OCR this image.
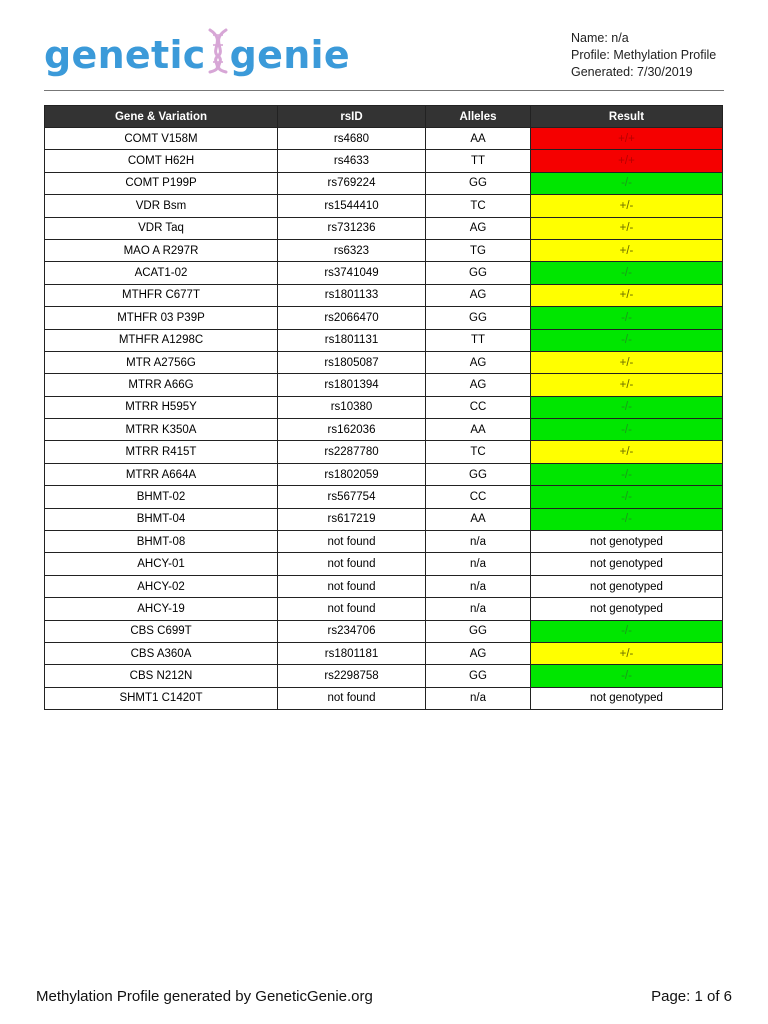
genetic genie	Name: n/a
Profile: Methylation Profile
Generated: 7/30/2019
Gene & Variation	rsID	Alleles	Result
COMT V158M	rs4680	AA	+/+
COMT H62H	rs4633	TT	+/+
COMT P199P	rs769224	GG	-/-
VDR Bsm	rs1544410	TC	+/-
VDR Taq	rs731236	AG	+/-
MAO A R297R	rs6323	TG	+/-
ACAT1-02	rs3741049	GG	-/-
MTHFR C677T	rs1801133	AG	+/-
MTHFR 03 P39P	rs2066470	GG	-/-
MTHFR A1298C	rs1801131	TT	-/-
MTR A2756G	rs1805087	AG	+/-
MTRR A66G	rs1801394	AG	+/-
MTRR H595Y	rs10380	CC	-/-
MTRR K350A	rs162036	AA	-/-
MTRR R415T	rs2287780	TC	+/-
MTRR A664A	rs1802059	GG	-/-
BHMT-02	rs567754	CC	-/-
BHMT-04	rs617219	AA	-/-
BHMT-08	not found	n/a	not genotyped
AHCY-01	not found	n/a	not genotyped
AHCY-02	not found	n/a	not genotyped
AHCY-19	not found	n/a	not genotyped
CBS C699T	rs234706	GG	-/-
CBS A360A	rs1801181	AG	+/-
CBS N212N	rs2298758	GG	-/-
SHMT1 C1420T	not found	n/a	not genotyped
Methylation Profile generated by GeneticGenie.org	Page: 1 of 6
